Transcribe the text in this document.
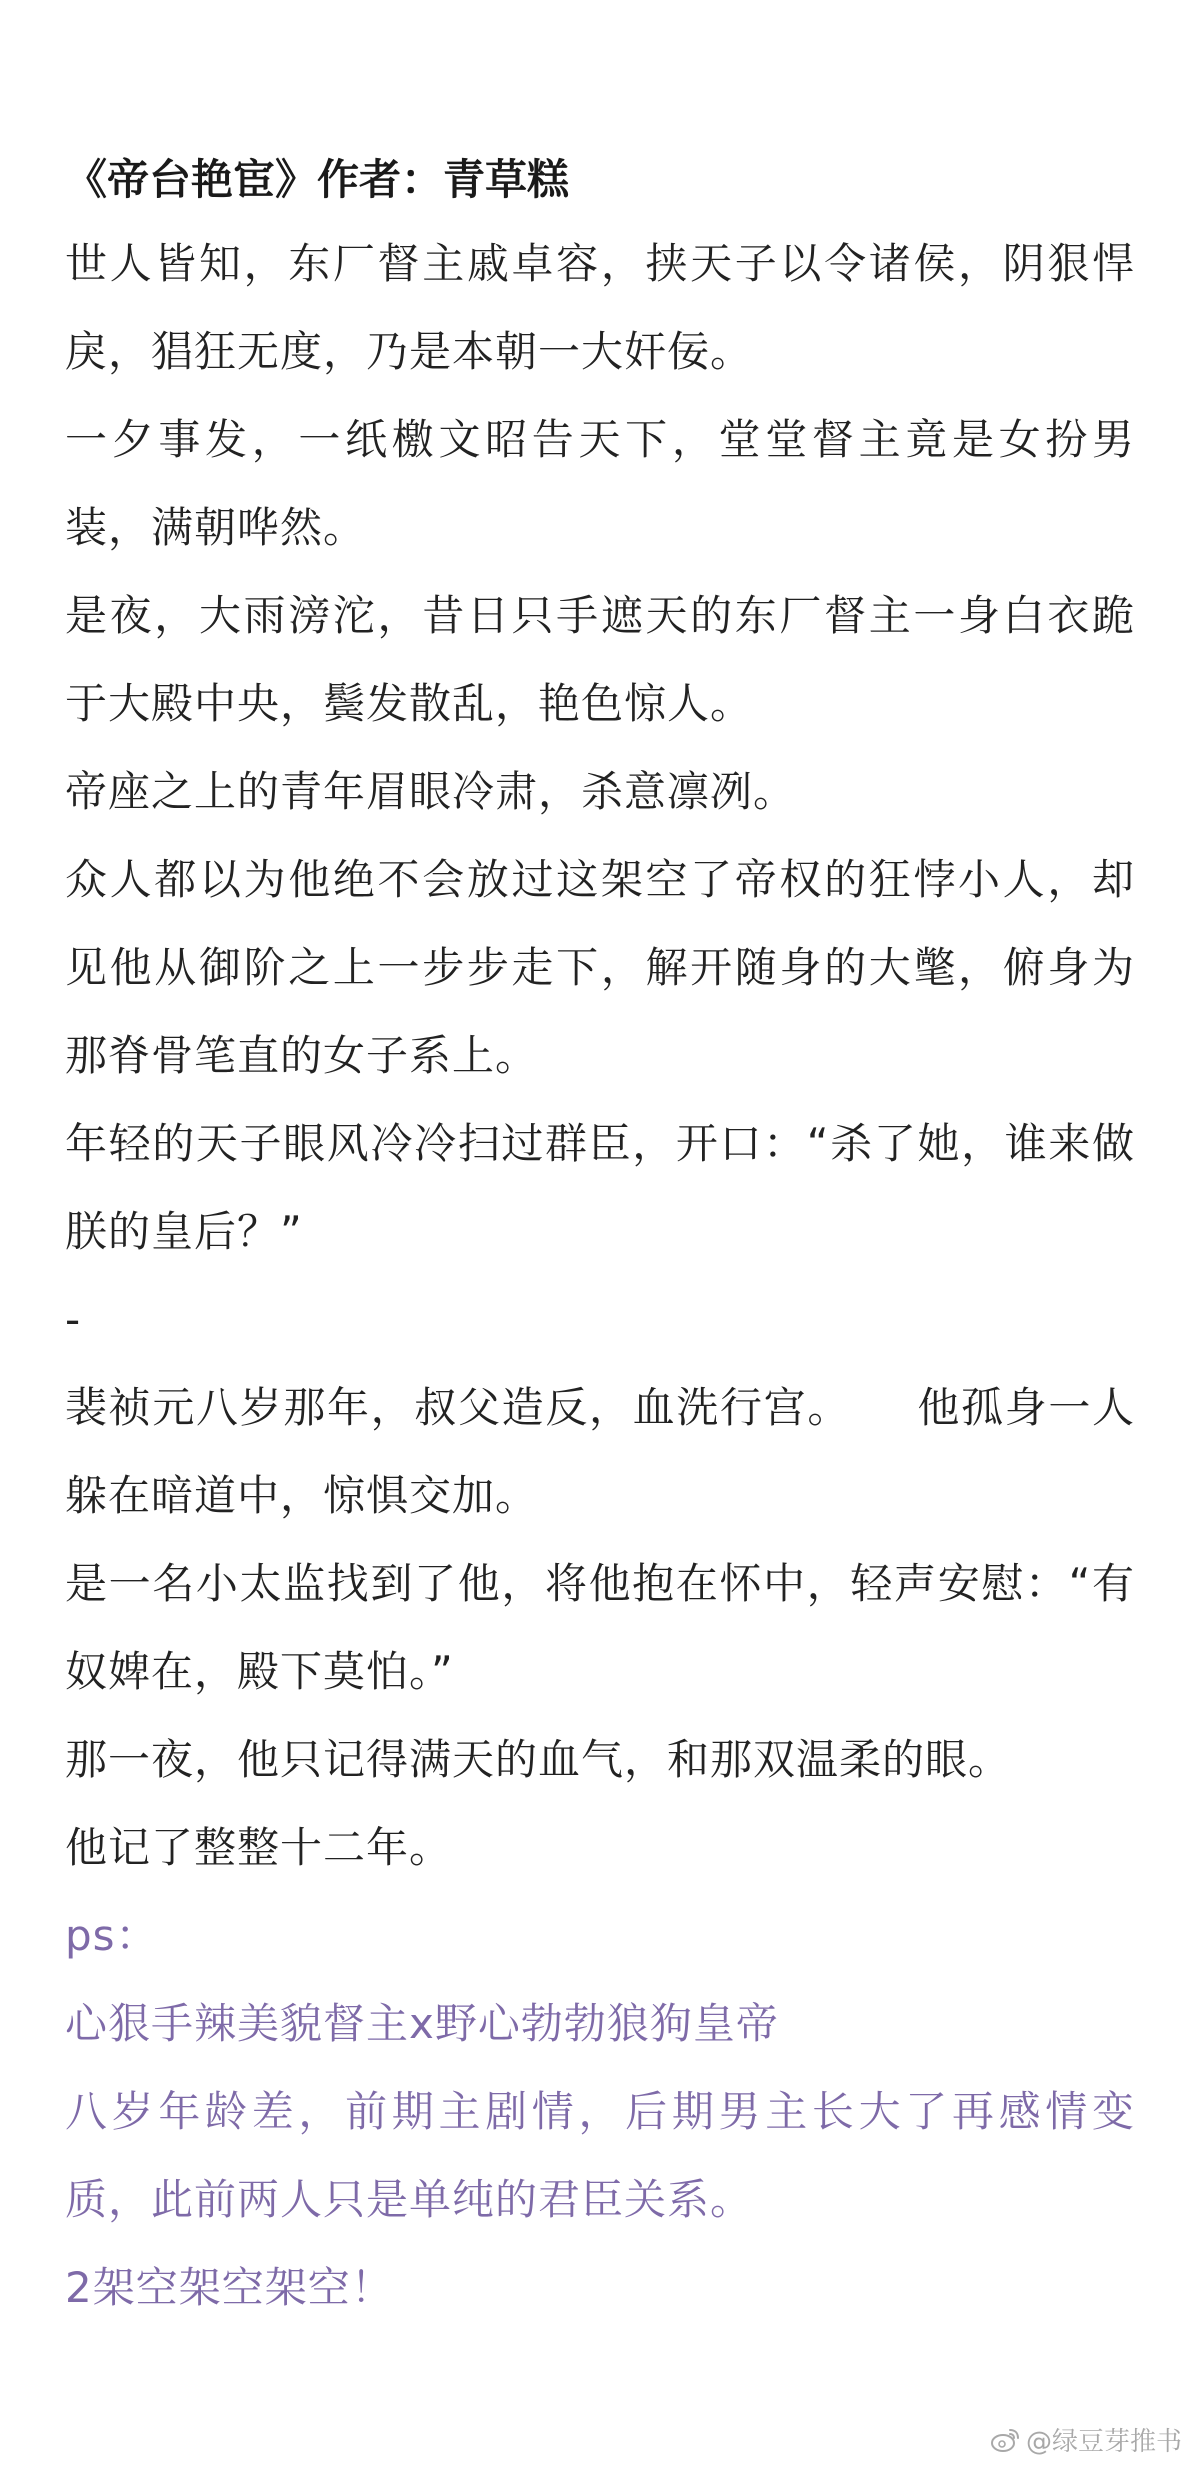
《帝台艳宦》作者：青草糕

世人皆知，东厂督主戚卓容，挟天子以令诸侯，阴狠悍戾，猖狂无度，乃是本朝一大奸佞。

一夕事发，一纸檄文昭告天下，堂堂督主竟是女扮男装，满朝哗然。

是夜，大雨滂沱，昔日只手遮天的东厂督主一身白衣跪于大殿中央，鬓发散乱，艳色惊人。

帝座之上的青年眉眼冷肃，杀意凛冽。

众人都以为他绝不会放过这架空了帝权的狂悖小人，却见他从御阶之上一步步走下，解开随身的大氅，俯身为那脊骨笔直的女子系上。

年轻的天子眼风冷冷扫过群臣，开口：“杀了她，谁来做朕的皇后？”

-

裴祯元八岁那年，叔父造反，血洗行宫。　　他孤身一人躲在暗道中，惊惧交加。

是一名小太监找到了他，将他抱在怀中，轻声安慰：“有奴婢在，殿下莫怕。”

那一夜，他只记得满天的血气，和那双温柔的眼。

他记了整整十二年。

ps：

心狠手辣美貌督主x野心勃勃狼狗皇帝

八岁年龄差，前期主剧情，后期男主长大了再感情变质，此前两人只是单纯的君臣关系。

2架空架空架空！

@绿豆芽推书
